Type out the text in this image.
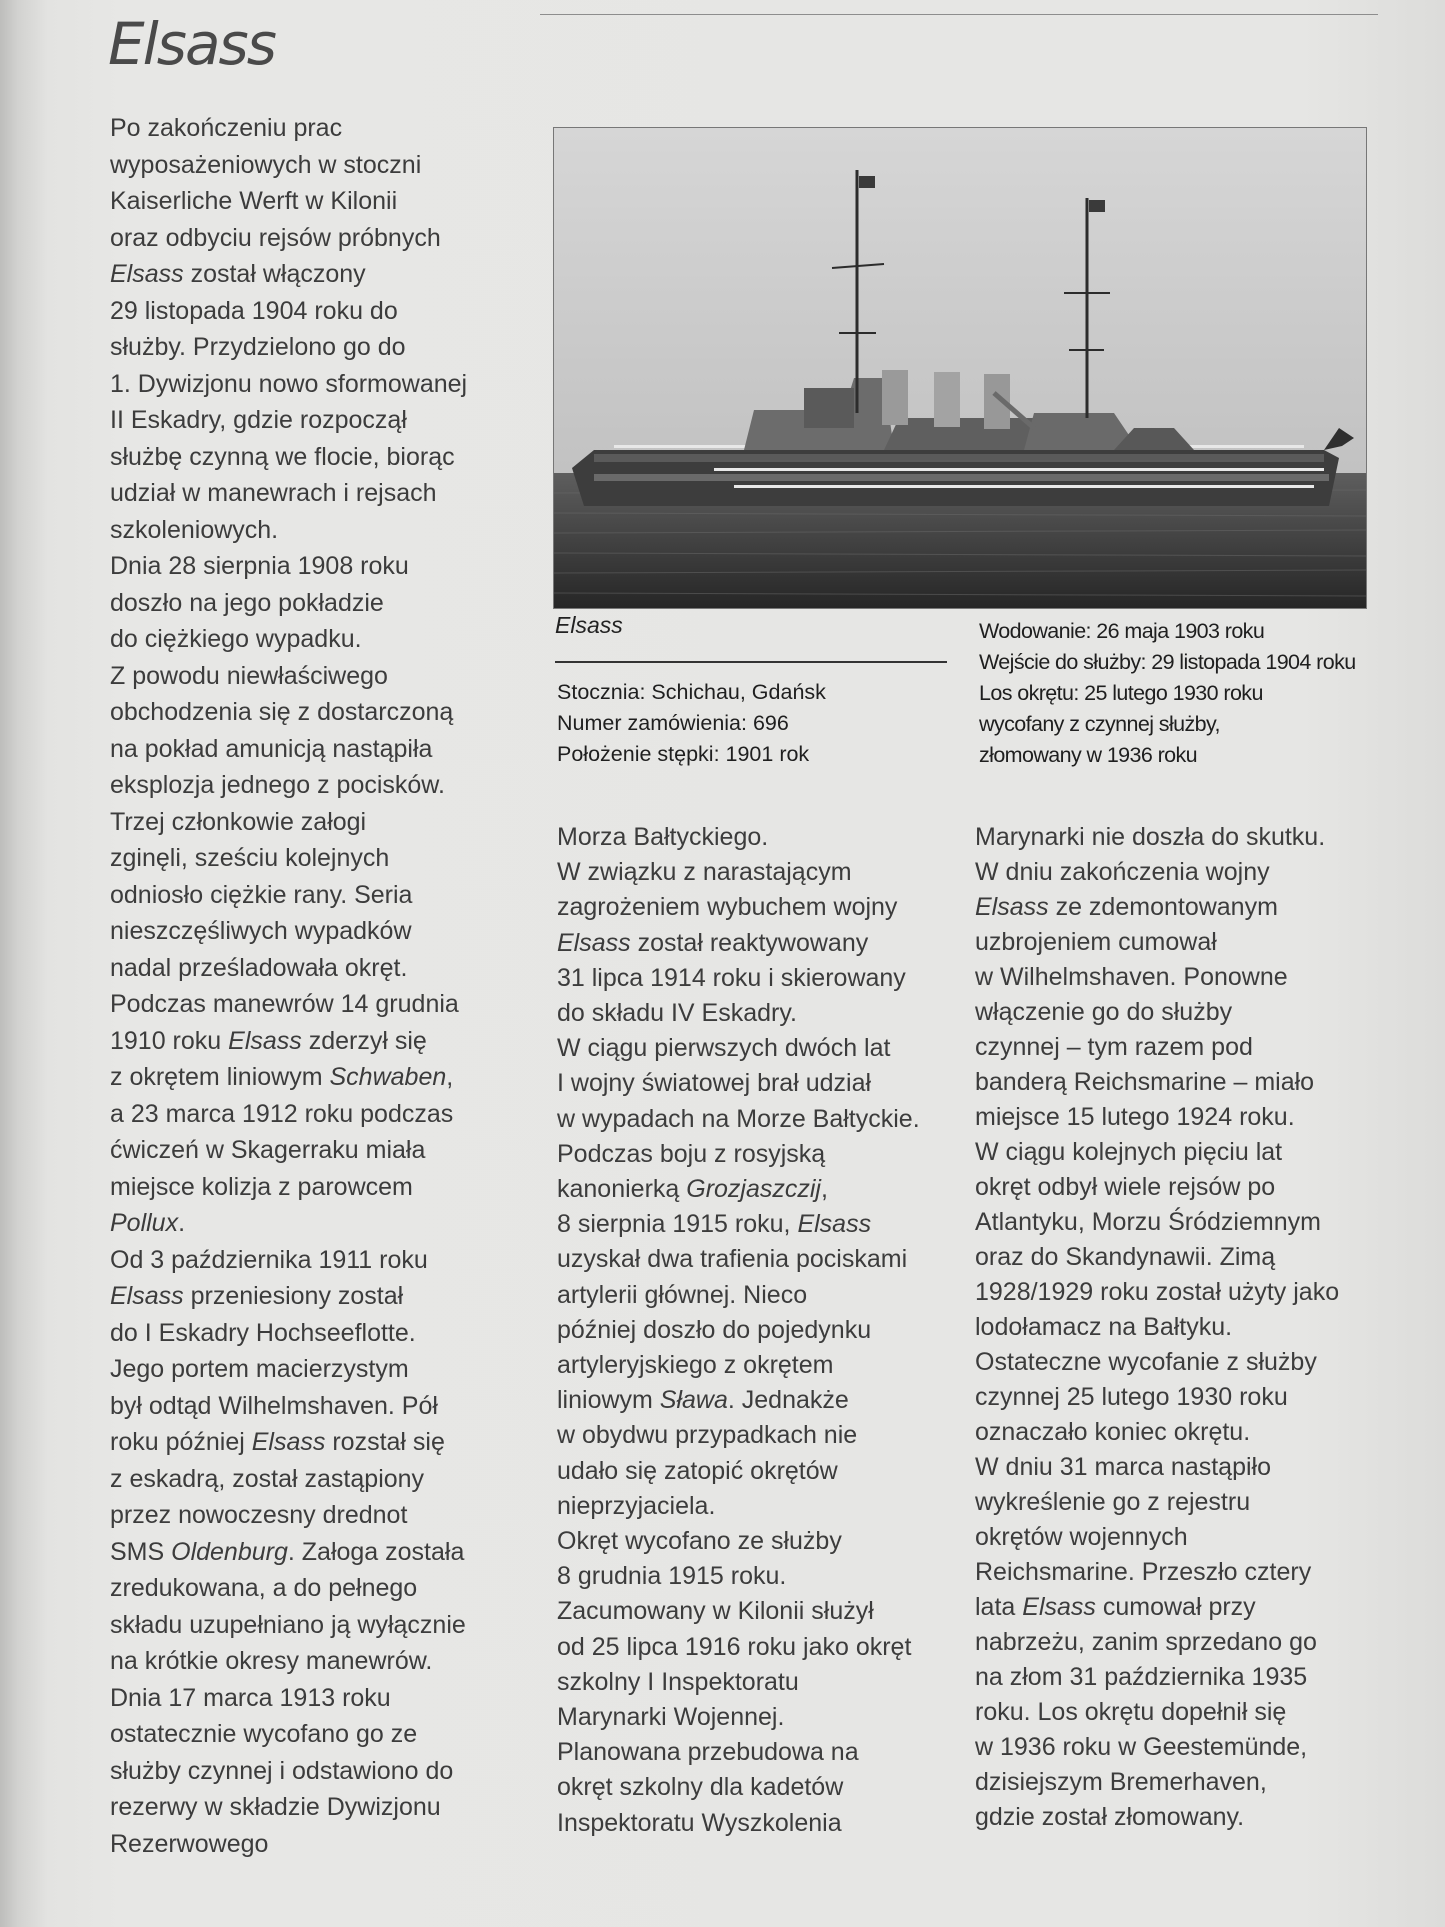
Elsass

Po zakończeniu prac

wyposażeniowych w stoczni

Kaiserliche Werft w Kilonii

oraz odbyciu rejsów próbnych

Elsass został włączony

29 listopada 1904 roku do

służby. Przydzielono go do

1. Dywizjonu nowo sformowanej

II Eskadry, gdzie rozpoczął

służbę czynną we flocie, biorąc

udział w manewrach i rejsach

szkoleniowych.

Dnia 28 sierpnia 1908 roku

doszło na jego pokładzie

do ciężkiego wypadku.

Z powodu niewłaściwego

obchodzenia się z dostarczoną

na pokład amunicją nastąpiła

eksplozja jednego z pocisków.

Trzej członkowie załogi

zginęli, sześciu kolejnych

odniosło ciężkie rany. Seria

nieszczęśliwych wypadków

nadal prześladowała okręt.

Podczas manewrów 14 grudnia

1910 roku Elsass zderzył się

z okrętem liniowym Schwaben,

a 23 marca 1912 roku podczas

ćwiczeń w Skagerraku miała

miejsce kolizja z parowcem

Pollux.

Od 3 października 1911 roku

Elsass przeniesiony został

do I Eskadry Hochseeflotte.

Jego portem macierzystym

był odtąd Wilhelmshaven. Pół

roku później Elsass rozstał się

z eskadrą, został zastąpiony

przez nowoczesny drednot

SMS Oldenburg. Załoga została

zredukowana, a do pełnego

składu uzupełniano ją wyłącznie

na krótkie okresy manewrów.

Dnia 17 marca 1913 roku

ostatecznie wycofano go ze

służby czynnej i odstawiono do

rezerwy w składzie Dywizjonu

Rezerwowego

Elsass
Stocznia: Schichau, Gdańsk
Numer zamówienia: 696
Położenie stępki: 1901 rok
Wodowanie: 26 maja 1903 roku
Wejście do służby: 29 listopada 1904 roku
Los okrętu: 25 lutego 1930 roku
wycofany z czynnej służby,
złomowany w 1936 roku

Morza Bałtyckiego.

W związku z narastającym

zagrożeniem wybuchem wojny

Elsass został reaktywowany

31 lipca 1914 roku i skierowany

do składu IV Eskadry.

W ciągu pierwszych dwóch lat

I wojny światowej brał udział

w wypadach na Morze Bałtyckie.

Podczas boju z rosyjską

kanonierką Grozjaszczij,

8 sierpnia 1915 roku, Elsass

uzyskał dwa trafienia pociskami

artylerii głównej. Nieco

później doszło do pojedynku

artyleryjskiego z okrętem

liniowym Sława. Jednakże

w obydwu przypadkach nie

udało się zatopić okrętów

nieprzyjaciela.

Okręt wycofano ze służby

8 grudnia 1915 roku.

Zacumowany w Kilonii służył

od 25 lipca 1916 roku jako okręt

szkolny I Inspektoratu

Marynarki Wojennej.

Planowana przebudowa na

okręt szkolny dla kadetów

Inspektoratu Wyszkolenia

Marynarki nie doszła do skutku.

W dniu zakończenia wojny

Elsass ze zdemontowanym

uzbrojeniem cumował

w Wilhelmshaven. Ponowne

włączenie go do służby

czynnej – tym razem pod

banderą Reichsmarine – miało

miejsce 15 lutego 1924 roku.

W ciągu kolejnych pięciu lat

okręt odbył wiele rejsów po

Atlantyku, Morzu Śródziemnym

oraz do Skandynawii. Zimą

1928/1929 roku został użyty jako

lodołamacz na Bałtyku.

Ostateczne wycofanie z służby

czynnej 25 lutego 1930 roku

oznaczało koniec okrętu.

W dniu 31 marca nastąpiło

wykreślenie go z rejestru

okrętów wojennych

Reichsmarine. Przeszło cztery

lata Elsass cumował przy

nabrzeżu, zanim sprzedano go

na złom 31 października 1935

roku. Los okrętu dopełnił się

w 1936 roku w Geestemünde,

dzisiejszym Bremerhaven,

gdzie został złomowany.
